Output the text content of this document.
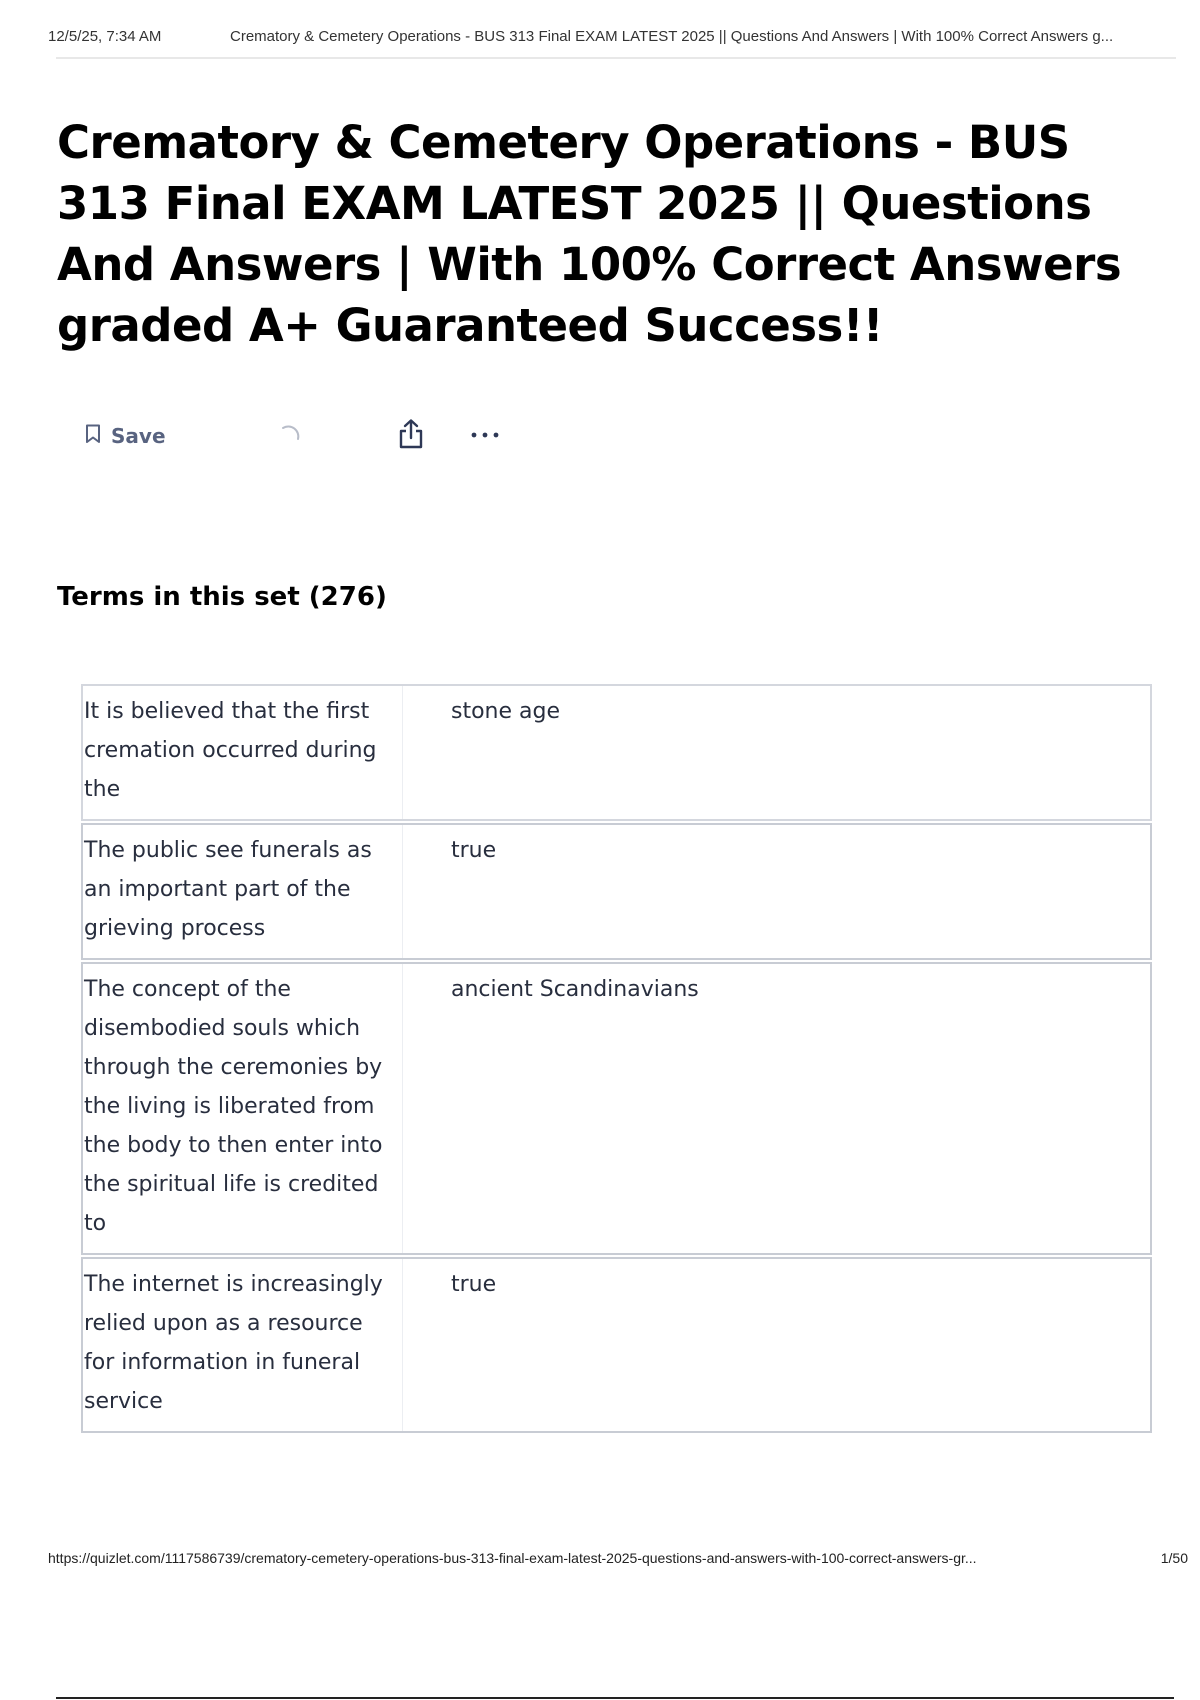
12/5/25, 7:34 AM	Crematory & Cemetery Operations - BUS 313 Final EXAM LATEST 2025 || Questions And Answers | With 100% Correct Answers g...
Crematory & Cemetery Operations - BUS 313 Final EXAM LATEST 2025 || Questions And Answers | With 100% Correct Answers graded A+ Guaranteed Success!!
Save
Terms in this set (276)
It is believed that the first cremation occurred during the
stone age
The public see funerals as an important part of the grieving process
true
The concept of the disembodied souls which through the ceremonies by the living is liberated from the body to then enter into the spiritual life is credited to
ancient Scandinavians
The internet is increasingly relied upon as a resource for information in funeral service
true
https://quizlet.com/1117586739/crematory-cemetery-operations-bus-313-final-exam-latest-2025-questions-and-answers-with-100-correct-answers-gr...	1/50
